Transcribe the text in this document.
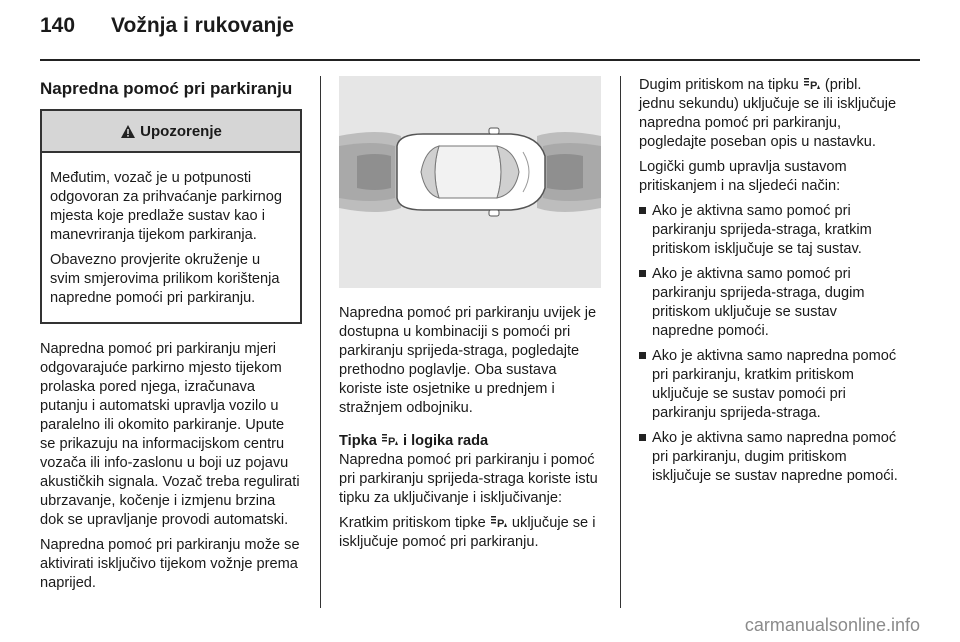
140 Vožnja i rukovanje
Napredna pomoć pri parkiranju
Upozorenje

Međutim, vozač je u potpunosti odgovoran za prihvaćanje parkirnog mjesta koje predlaže sustav kao i manevriranja tijekom parkiranja.

Obavezno provjerite okruženje u svim smjerovima prilikom korištenja napredne pomoći pri parkiranju.

Napredna pomoć pri parkiranju mjeri odgovarajuće parkirno mjesto tijekom prolaska pored njega, izračunava putanju i automatski upravlja vozilo u paralelno ili okomito parkiranje. Upute se prikazuju na informacijskom centru vozača ili info-zaslonu u boji uz pojavu akustičkih signala. Vozač treba regulirati ubrzavanje, kočenje i izmjenu brzina dok se upravljanje provodi automatski.

Napredna pomoć pri parkiranju može se aktivirati isključivo tijekom vožnje prema naprijed.

Napredna pomoć pri parkiranju uvijek je dostupna u kombinaciji s pomoći pri parkiranju sprijeda-straga, pogledajte prethodno poglavlje. Oba sustava koriste iste osjetnike u prednjem i stražnjem odbojniku.

Tipka P i logika rada

Napredna pomoć pri parkiranju i pomoć pri parkiranju sprijeda-straga koriste istu tipku za uključivanje i isključivanje:

Kratkim pritiskom tipke P uključuje se i isključuje pomoć pri parkiranju.

Dugim pritiskom na tipku P (pribl. jednu sekundu) uključuje se ili isključuje napredna pomoć pri parkiranju, pogledajte poseban opis u nastavku.

Logički gumb upravlja sustavom pritiskanjem i na sljedeći način:

Ako je aktivna samo pomoć pri parkiranju sprijeda-straga, kratkim pritiskom isključuje se taj sustav.
Ako je aktivna samo pomoć pri parkiranju sprijeda-straga, dugim pritiskom uključuje se sustav napredne pomoći.
Ako je aktivna samo napredna pomoć pri parkiranju, kratkim pritiskom uključuje se sustav pomoći pri parkiranju sprijeda-straga.
Ako je aktivna samo napredna pomoć pri parkiranju, dugim pritiskom isključuje se sustav napredne pomoći.
carmanualsonline.info
